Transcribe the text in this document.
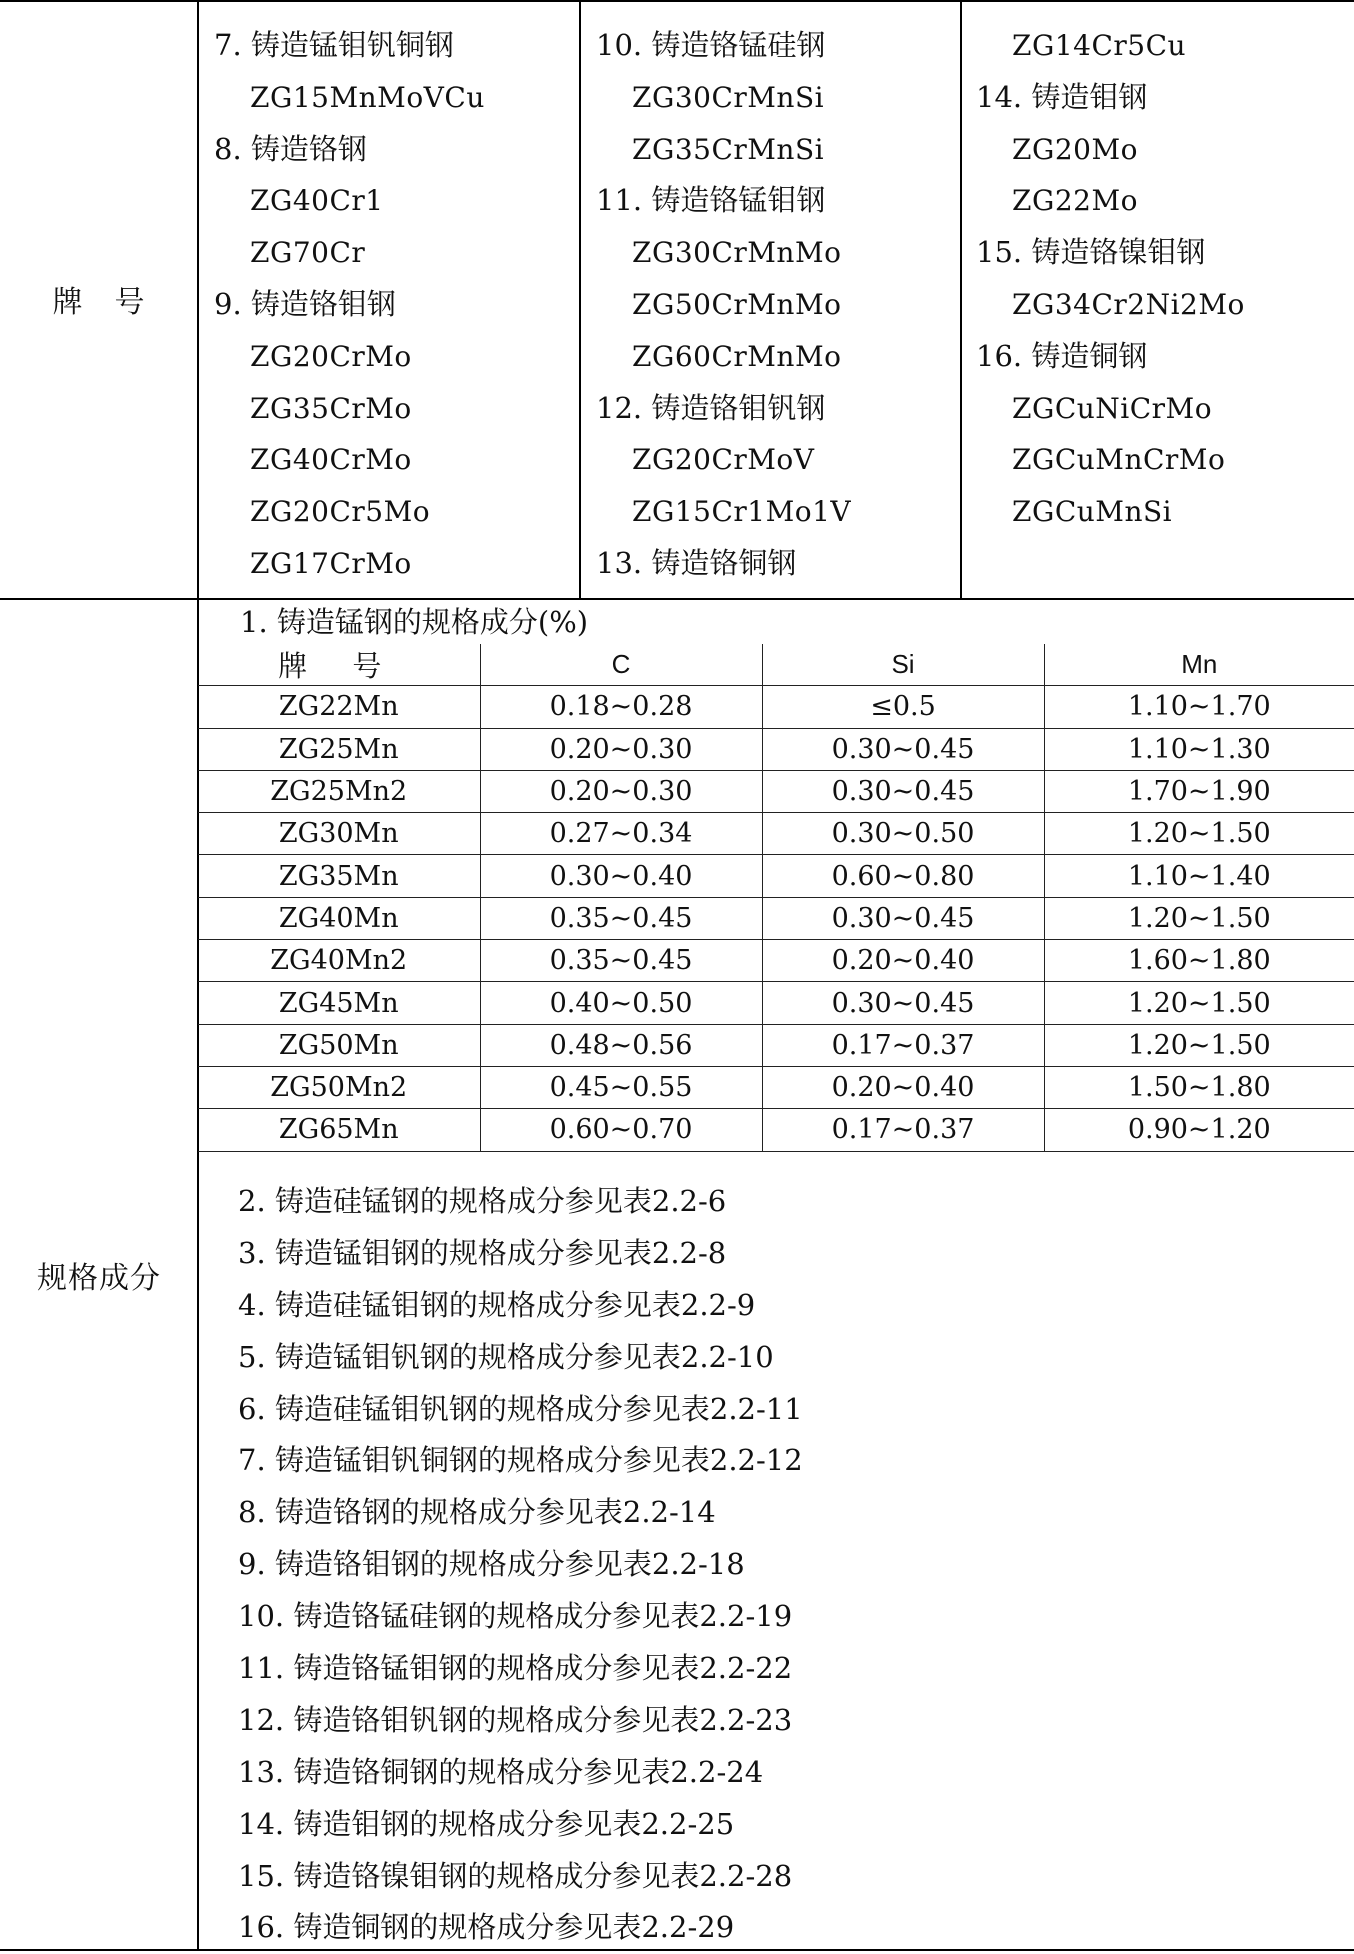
牌　号
7. 铸造锰钼钒铜钢
ZG15MnMoVCu
8. 铸造铬钢
ZG40Cr1
ZG70Cr
9. 铸造铬钼钢
ZG20CrMo
ZG35CrMo
ZG40CrMo
ZG20Cr5Mo
ZG17CrMo
10. 铸造铬锰硅钢
ZG30CrMnSi
ZG35CrMnSi
11. 铸造铬锰钼钢
ZG30CrMnMo
ZG50CrMnMo
ZG60CrMnMo
12. 铸造铬钼钒钢
ZG20CrMoV
ZG15Cr1Mo1V
13. 铸造铬铜钢
ZG14Cr5Cu
14. 铸造钼钢
ZG20Mo
ZG22Mo
15. 铸造铬镍钼钢
ZG34Cr2Ni2Mo
16. 铸造铜钢
ZGCuNiCrMo
ZGCuMnCrMo
ZGCuMnSi
规格成分
1. 铸造锰钢的规格成分(%)
牌 号	C	Si	Mn
ZG22Mn	0.18~0.28	≤0.5	1.10~1.70
ZG25Mn	0.20~0.30	0.30~0.45	1.10~1.30
ZG25Mn2	0.20~0.30	0.30~0.45	1.70~1.90
ZG30Mn	0.27~0.34	0.30~0.50	1.20~1.50
ZG35Mn	0.30~0.40	0.60~0.80	1.10~1.40
ZG40Mn	0.35~0.45	0.30~0.45	1.20~1.50
ZG40Mn2	0.35~0.45	0.20~0.40	1.60~1.80
ZG45Mn	0.40~0.50	0.30~0.45	1.20~1.50
ZG50Mn	0.48~0.56	0.17~0.37	1.20~1.50
ZG50Mn2	0.45~0.55	0.20~0.40	1.50~1.80
ZG65Mn	0.60~0.70	0.17~0.37	0.90~1.20
2. 铸造硅锰钢的规格成分参见表2.2-6
3. 铸造锰钼钢的规格成分参见表2.2-8
4. 铸造硅锰钼钢的规格成分参见表2.2-9
5. 铸造锰钼钒钢的规格成分参见表2.2-10
6. 铸造硅锰钼钒钢的规格成分参见表2.2-11
7. 铸造锰钼钒铜钢的规格成分参见表2.2-12
8. 铸造铬钢的规格成分参见表2.2-14
9. 铸造铬钼钢的规格成分参见表2.2-18
10. 铸造铬锰硅钢的规格成分参见表2.2-19
11. 铸造铬锰钼钢的规格成分参见表2.2-22
12. 铸造铬钼钒钢的规格成分参见表2.2-23
13. 铸造铬铜钢的规格成分参见表2.2-24
14. 铸造钼钢的规格成分参见表2.2-25
15. 铸造铬镍钼钢的规格成分参见表2.2-28
16. 铸造铜钢的规格成分参见表2.2-29
